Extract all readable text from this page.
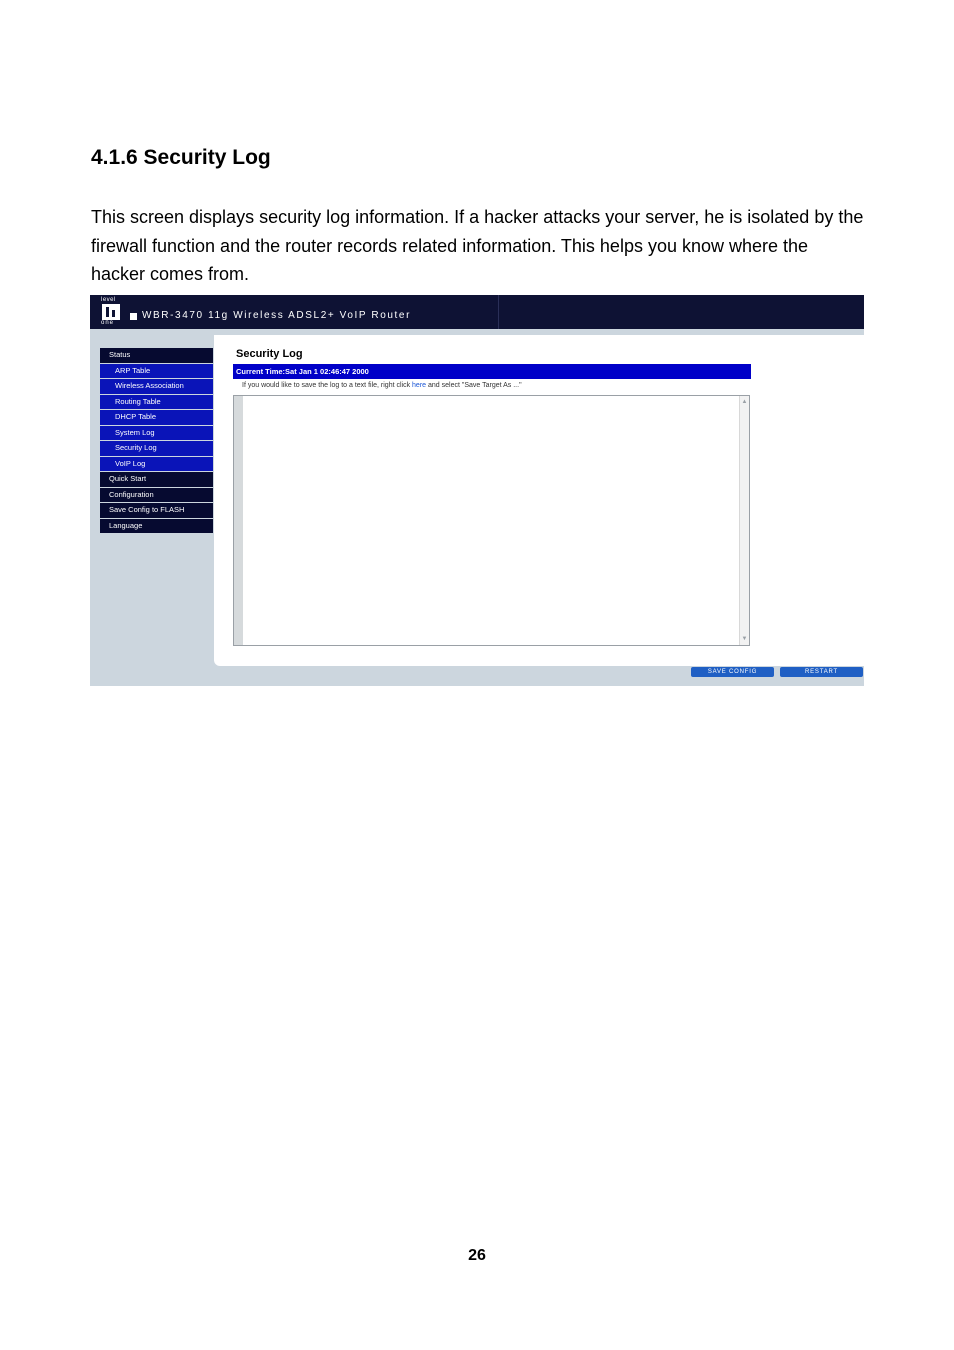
4.1.6 Security Log

This screen displays security log information. If a hacker attacks your server, he is isolated by the firewall function and the router records related information. This helps you know where the hacker comes from.

level
one
WBR-3470 11g Wireless ADSL2+ VoIP Router
Status
ARP Table
Wireless Association
Routing Table
DHCP Table
System Log
Security Log
VoIP Log
Quick Start
Configuration
Save Config to FLASH
Language
Security Log
Current Time:Sat Jan 1 02:46:47 2000
If you would like to save the log to a text file, right click here and select "Save Target As ..."
▲
▼
SAVE CONFIG	RESTART
26
